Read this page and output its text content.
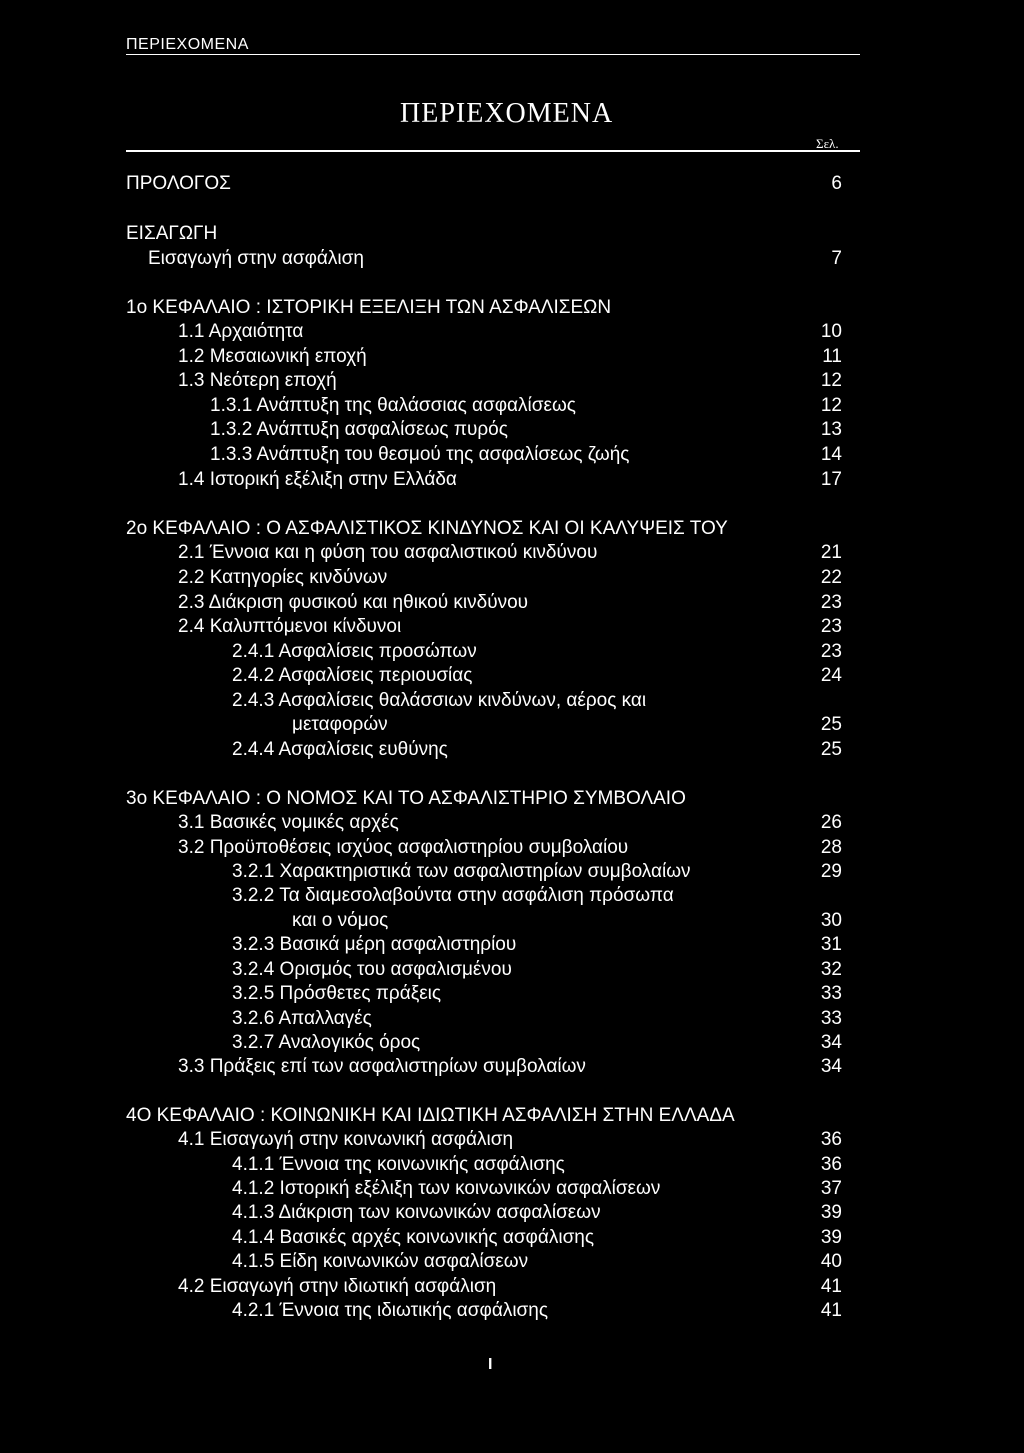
ΠΕΡΙΕΧΟΜΕΝΑ
ΠΕΡΙΕΧΟΜΕΝΑ
Σελ.
ΠΡΟΛΟΓΟΣ	6
ΕΙΣΑΓΩΓΗ
Εισαγωγή στην ασφάλιση	7
1ο ΚΕΦΑΛΑΙΟ : ΙΣΤΟΡΙΚΗ ΕΞΕΛΙΞΗ ΤΩΝ ΑΣΦΑΛΙΣΕΩΝ
1.1 Αρχαιότητα	10
1.2 Μεσαιωνική εποχή	11
1.3 Νεότερη εποχή	12
1.3.1 Ανάπτυξη της θαλάσσιας ασφαλίσεως	12
1.3.2 Ανάπτυξη ασφαλίσεως πυρός	13
1.3.3 Ανάπτυξη του θεσμού της ασφαλίσεως ζωής	14
1.4 Ιστορική εξέλιξη στην Ελλάδα	17
2ο ΚΕΦΑΛΑΙΟ : Ο ΑΣΦΑΛΙΣΤΙΚΟΣ ΚΙΝΔΥΝΟΣ ΚΑΙ ΟΙ ΚΑΛΥΨΕΙΣ ΤΟΥ
2.1 Έννοια και η φύση του ασφαλιστικού κινδύνου	21
2.2 Κατηγορίες κινδύνων	22
2.3 Διάκριση φυσικού και ηθικού κινδύνου	23
2.4 Καλυπτόμενοι κίνδυνοι	23
2.4.1 Ασφαλίσεις προσώπων	23
2.4.2 Ασφαλίσεις περιουσίας	24
2.4.3 Ασφαλίσεις θαλάσσιων κινδύνων, αέρος και
μεταφορών	25
2.4.4 Ασφαλίσεις ευθύνης	25
3ο ΚΕΦΑΛΑΙΟ : Ο ΝΟΜΟΣ ΚΑΙ ΤΟ ΑΣΦΑΛΙΣΤΗΡΙΟ ΣΥΜΒΟΛΑΙΟ
3.1 Βασικές νομικές αρχές	26
3.2 Προϋποθέσεις ισχύος ασφαλιστηρίου συμβολαίου	28
3.2.1 Χαρακτηριστικά των ασφαλιστηρίων συμβολαίων	29
3.2.2 Τα διαμεσολαβούντα στην ασφάλιση πρόσωπα
και ο νόμος	30
3.2.3 Βασικά μέρη ασφαλιστηρίου	31
3.2.4 Ορισμός του ασφαλισμένου	32
3.2.5 Πρόσθετες πράξεις	33
3.2.6 Απαλλαγές	33
3.2.7 Αναλογικός όρος	34
3.3 Πράξεις επί των ασφαλιστηρίων συμβολαίων	34
4Ο ΚΕΦΑΛΑΙΟ : ΚΟΙΝΩΝΙΚΗ ΚΑΙ ΙΔΙΩΤΙΚΗ ΑΣΦΑΛΙΣΗ ΣΤΗΝ ΕΛΛΑΔΑ
4.1 Εισαγωγή στην κοινωνική ασφάλιση	36
4.1.1 Έννοια της κοινωνικής ασφάλισης	36
4.1.2 Ιστορική εξέλιξη των κοινωνικών ασφαλίσεων	37
4.1.3 Διάκριση των κοινωνικών ασφαλίσεων	39
4.1.4 Βασικές αρχές κοινωνικής ασφάλισης	39
4.1.5 Είδη κοινωνικών ασφαλίσεων	40
4.2 Εισαγωγή στην ιδιωτική ασφάλιση	41
4.2.1 Έννοια της ιδιωτικής ασφάλισης	41
Ι
